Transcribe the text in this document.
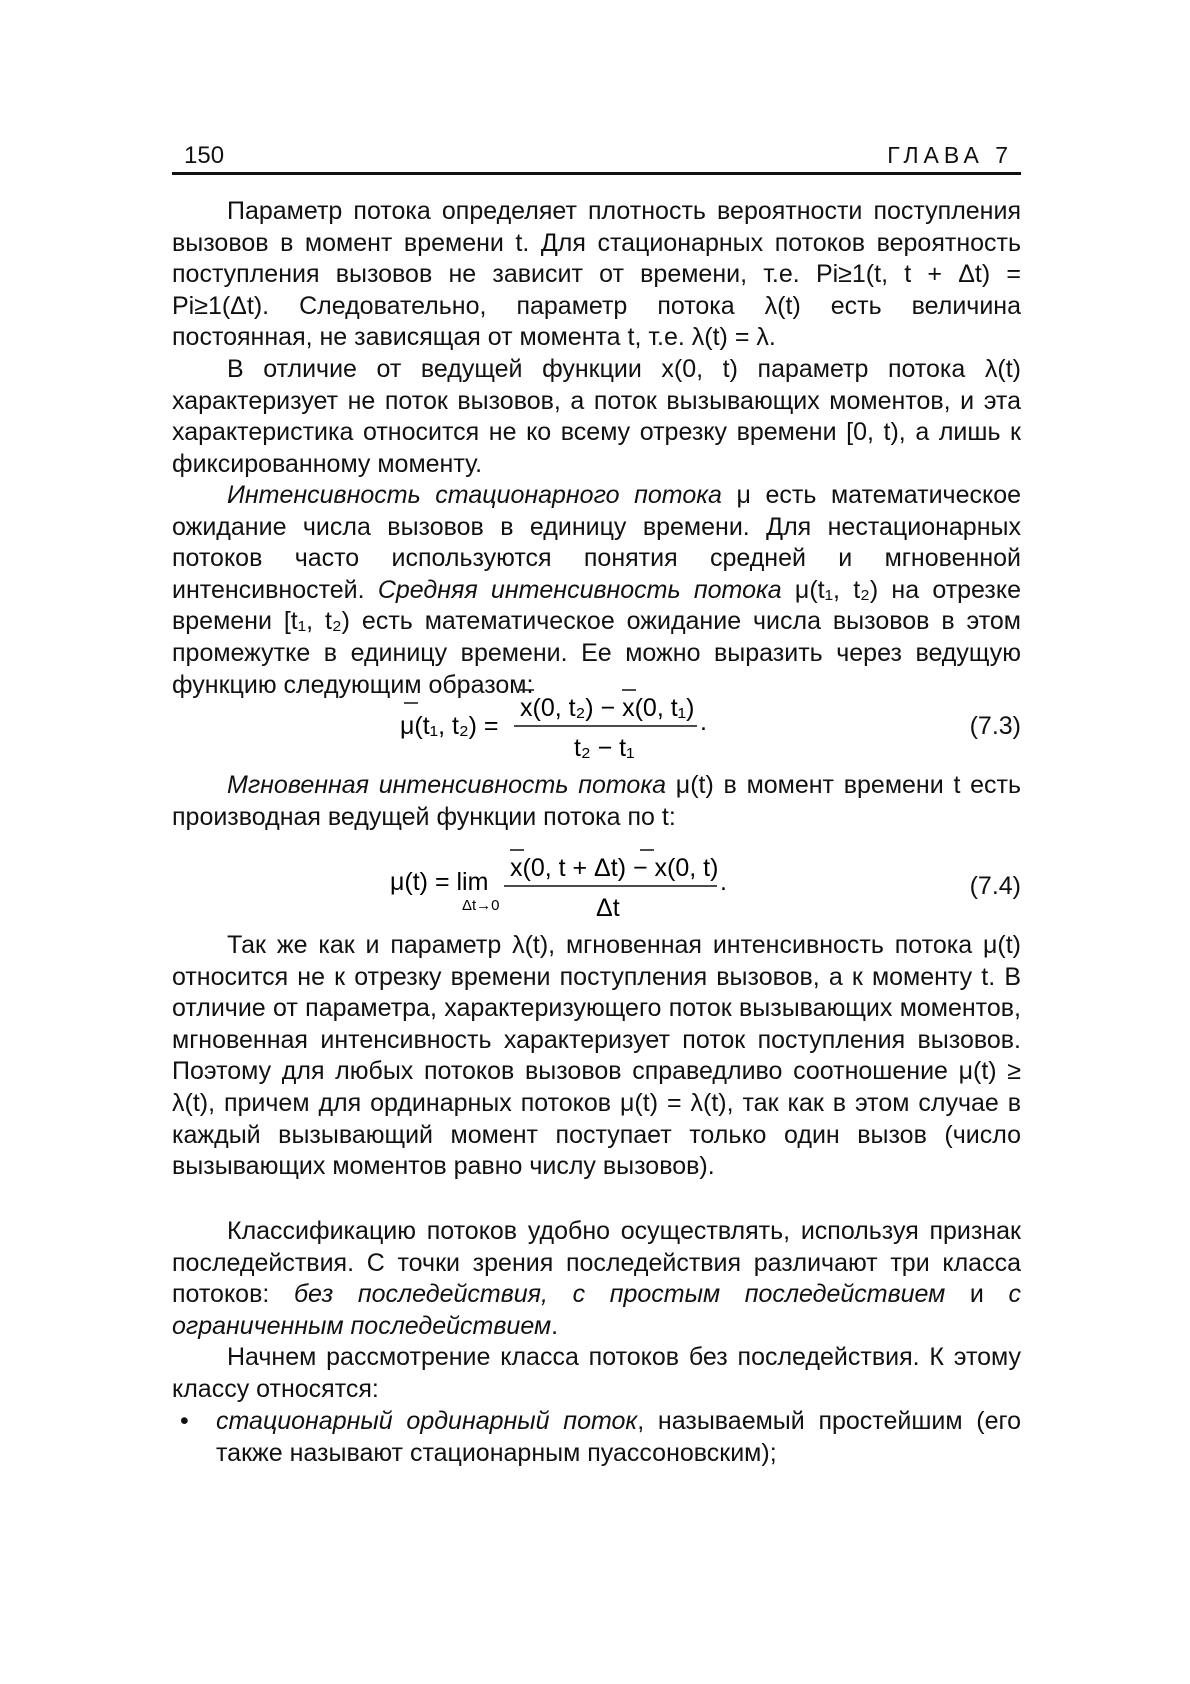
150	ГЛАВА 7

Параметр потока определяет плотность вероятности поступления вызовов в момент времени t. Для стационарных потоков вероятность поступления вызовов не зависит от времени, т.е. Pi≥1(t, t + Δt) = Pi≥1(Δt). Следовательно, параметр потока λ(t) есть величина постоянная, не зависящая от момента t, т.е. λ(t) = λ.

В отличие от ведущей функции x(0, t) параметр потока λ(t) характеризует не поток вызовов, а поток вызывающих моментов, и эта характеристика относится не ко всему отрезку времени [0, t), а лишь к фиксированному моменту.

Интенсивность стационарного потока μ есть математическое ожидание числа вызовов в единицу времени. Для нестационарных потоков часто используются понятия средней и мгновенной интенсивностей. Средняя интенсивность потока μ(t₁, t₂) на отрезке времени [t₁, t₂) есть математическое ожидание числа вызовов в этом промежутке в единицу времени. Ее можно выразить через ведущую функцию следующим образом:

μ(t₁, t₂) =
x(0, t₂) − x(0, t₁) .
t₂ − t₁
(7.3)

Мгновенная интенсивность потока μ(t) в момент времени t есть производная ведущей функции потока по t:

μ(t) = lim
Δt→0
x(0, t + Δt) − x(0, t) .
Δt
(7.4)

Так же как и параметр λ(t), мгновенная интенсивность потока μ(t) относится не к отрезку времени поступления вызовов, а к моменту t. В отличие от параметра, характеризующего поток вызывающих моментов, мгновенная интенсивность характеризует поток поступления вызовов. Поэтому для любых потоков вызовов справедливо соотношение μ(t) ≥ λ(t), причем для ординарных потоков μ(t) = λ(t), так как в этом случае в каждый вызывающий момент поступает только один вызов (число вызывающих моментов равно числу вызовов).

Классификацию потоков удобно осуществлять, используя признак последействия. С точки зрения последействия различают три класса потоков: без последействия, с простым последействием и с ограниченным последействием.

Начнем рассмотрение класса потоков без последействия. К этому классу относятся:

• стационарный ординарный поток, называемый простейшим (его также называют стационарным пуассоновским);
